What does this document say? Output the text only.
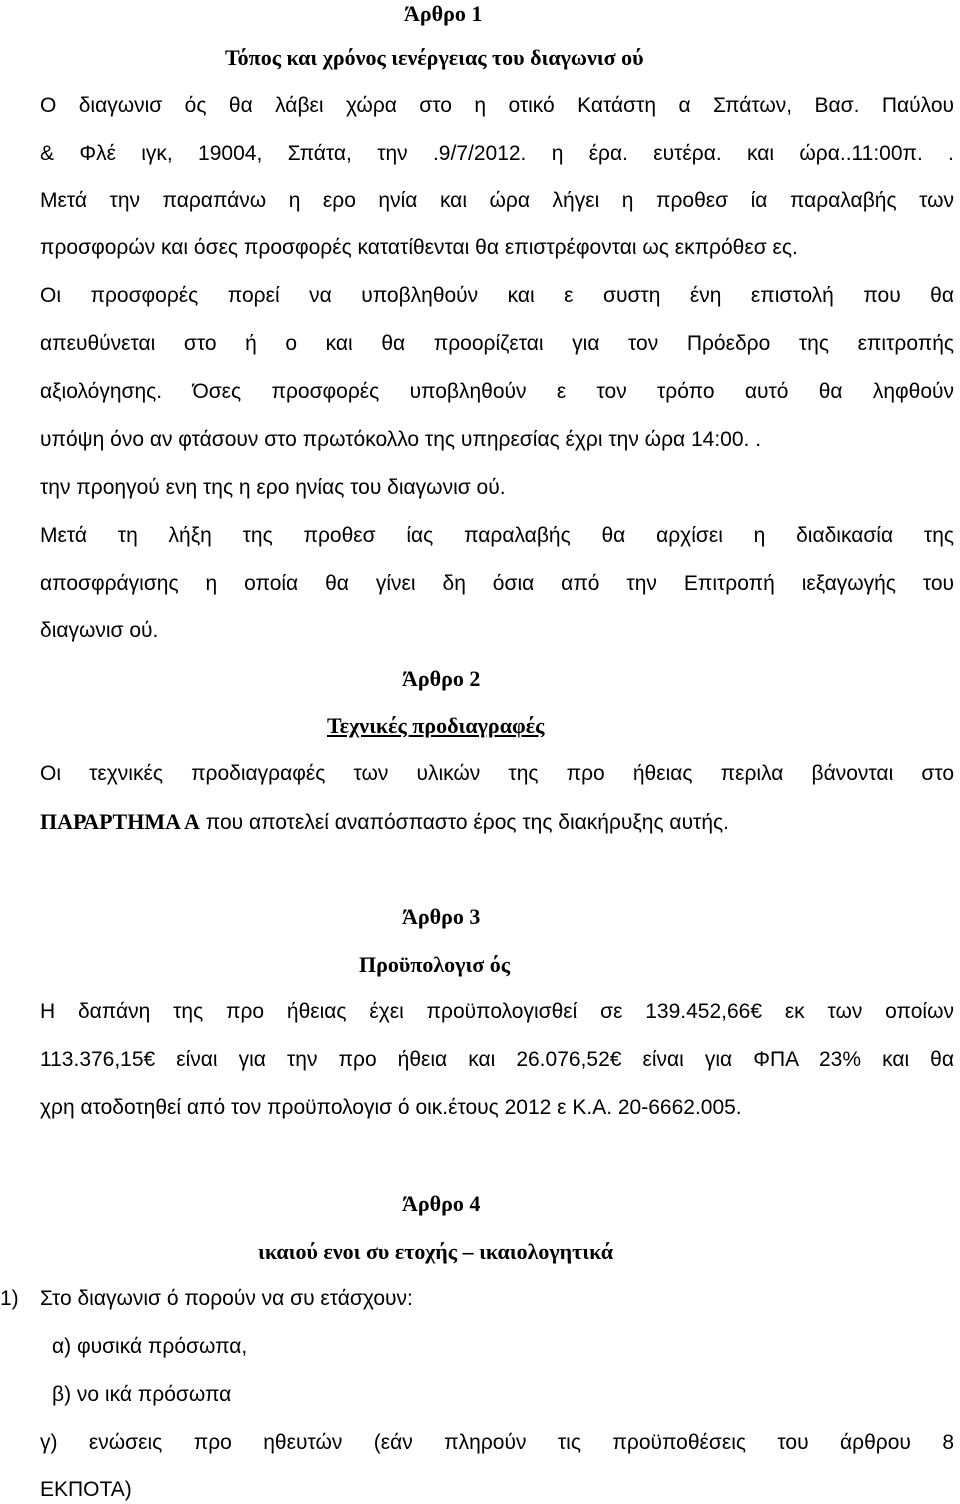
Άρθρο 1
Τόπος και χρόνος ιενέργειας του διαγωνισ ού
Ο διαγωνισ ός θα λάβει χώρα στο η οτικό Κατάστη α Σπάτων, Βασ. Παύλου
& Φλέ ιγκ, 19004, Σπάτα, την .9/7/2012. η έρα. ευτέρα. και ώρα..11:00π. .
Μετά την παραπάνω η ερο ηνία και ώρα λήγει η προθεσ ία παραλαβής των
προσφορών και όσες προσφορές κατατίθενται θα επιστρέφονται ως εκπρόθεσ ες.
Οι προσφορές πορεί να υποβληθούν και ε συστη ένη επιστολή που θα
απευθύνεται στο ή ο και θα προορίζεται για τον Πρόεδρο της επιτροπής
αξιολόγησης. Όσες προσφορές υποβληθούν ε τον τρόπο αυτό θα ληφθούν
υπόψη όνο αν φτάσουν στο πρωτόκολλο της υπηρεσίας έχρι την ώρα 14:00. .
την προηγού ενη της η ερο ηνίας του διαγωνισ ού.
Μετά τη λήξη της προθεσ ίας παραλαβής θα αρχίσει η διαδικασία της
αποσφράγισης η οποία θα γίνει δη όσια από την Επιτροπή ιεξαγωγής του
διαγωνισ ού.
Άρθρο 2
Τεχνικές προδιαγραφές
Οι τεχνικές προδιαγραφές των υλικών της προ ήθειας περιλα βάνονται στο
ΠΑΡΑΡΤΗΜΑ Α που αποτελεί αναπόσπαστο έρος της διακήρυξης αυτής.
Άρθρο 3
Προϋπολογισ ός
Η δαπάνη της προ ήθειας έχει προϋπολογισθεί σε 139.452,66€ εκ των οποίων
113.376,15€ είναι για την προ ήθεια και 26.076,52€ είναι για ΦΠΑ 23% και θα
χρη ατοδοτηθεί από τον προϋπολογισ ό οικ.έτους 2012 ε Κ.Α. 20-6662.005.
Άρθρο 4
ικαιού ενοι συ ετοχής – ικαιολογητικά
1)	Στο διαγωνισ ό πορούν να συ ετάσχουν:
α) φυσικά πρόσωπα,
β) νο ικά πρόσωπα
γ) ενώσεις προ ηθευτών (εάν πληρούν τις προϋποθέσεις του άρθρου 8
ΕΚΠΟΤΑ)
